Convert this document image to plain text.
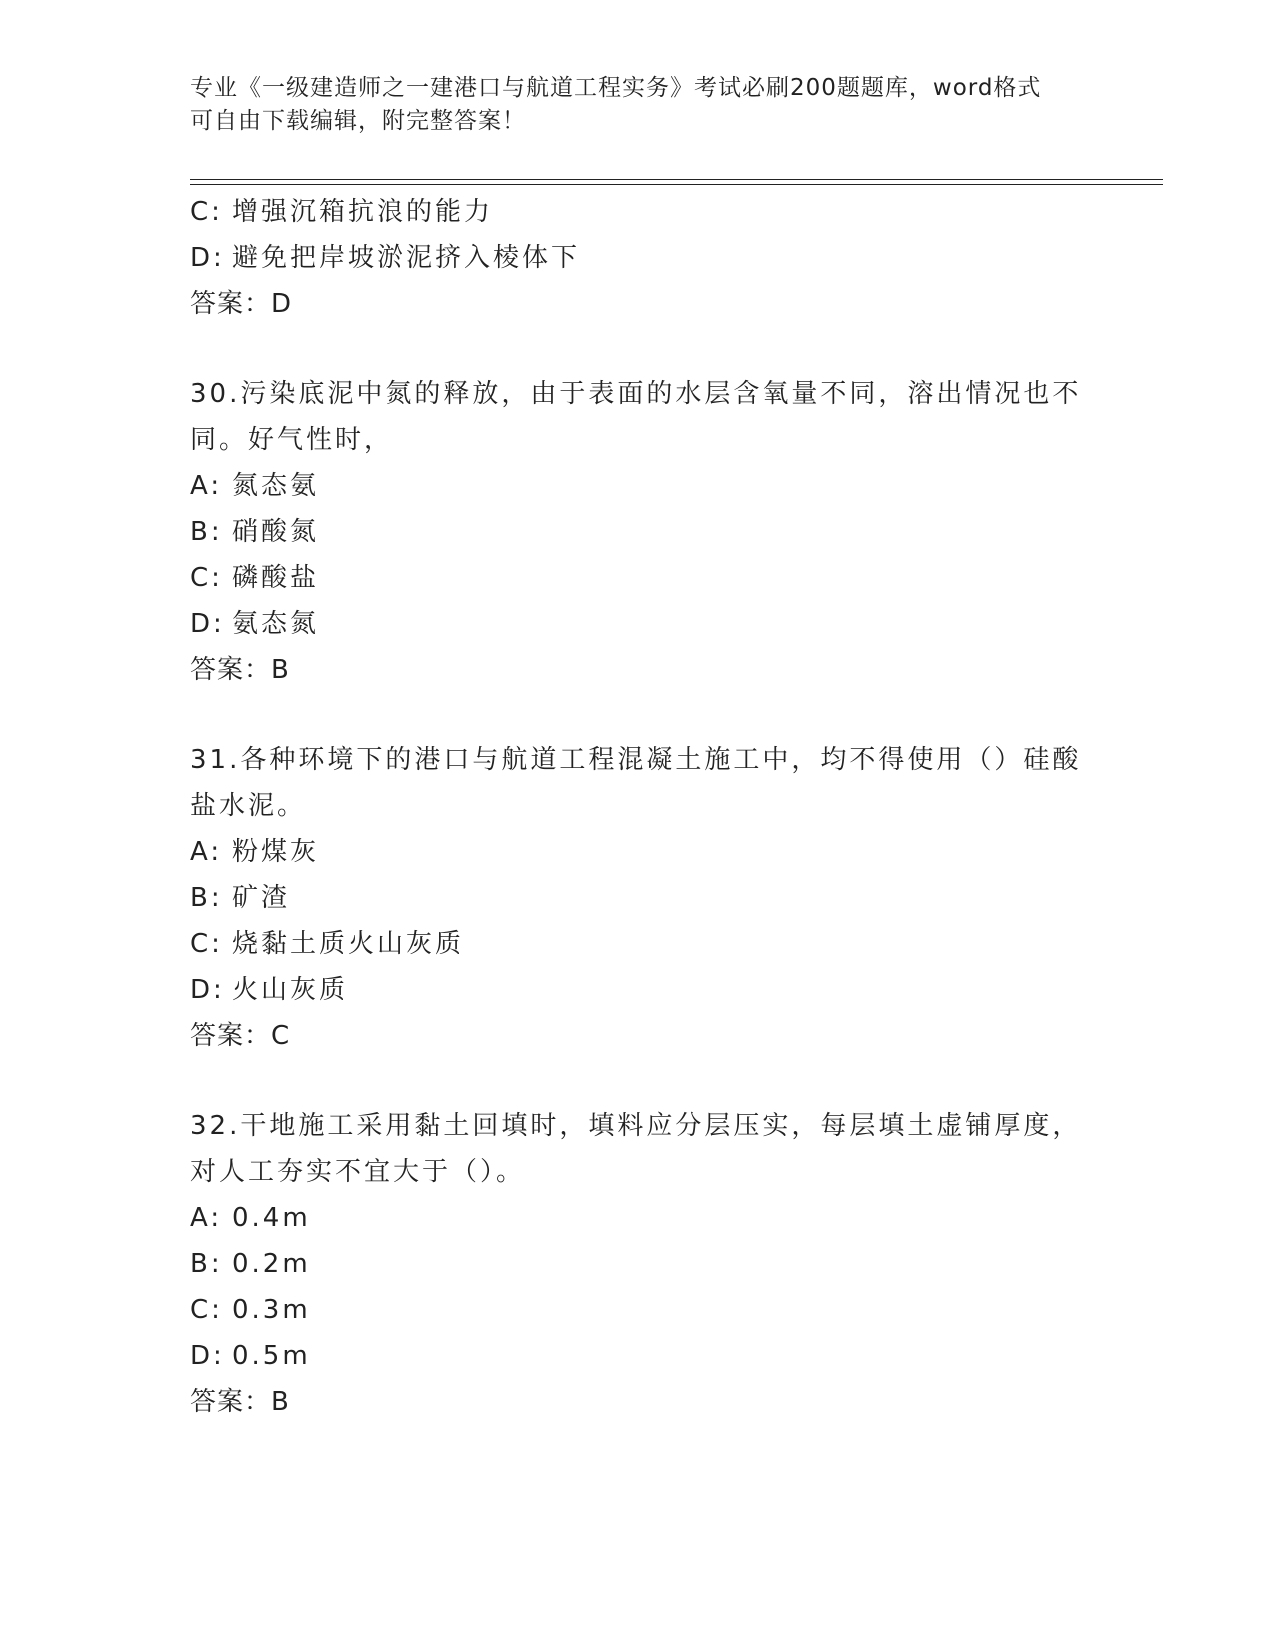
专业《一级建造师之一建港口与航道工程实务》考试必刷200题题库，word格式
可自由下载编辑，附完整答案！
C: 增强沉箱抗浪的能力
D: 避免把岸坡淤泥挤入棱体下
答案：D
30.污染底泥中氮的释放，由于表面的水层含氧量不同，溶出情况也不
同。好气性时，
A: 氮态氨
B: 硝酸氮
C: 磷酸盐
D: 氨态氮
答案：B
31.各种环境下的港口与航道工程混凝土施工中，均不得使用（）硅酸
盐水泥。
A: 粉煤灰
B: 矿渣
C: 烧黏土质火山灰质
D: 火山灰质
答案：C
32.干地施工采用黏土回填时，填料应分层压实，每层填土虚铺厚度，
对人工夯实不宜大于（）。
A: 0.4m
B: 0.2m
C: 0.3m
D: 0.5m
答案：B
